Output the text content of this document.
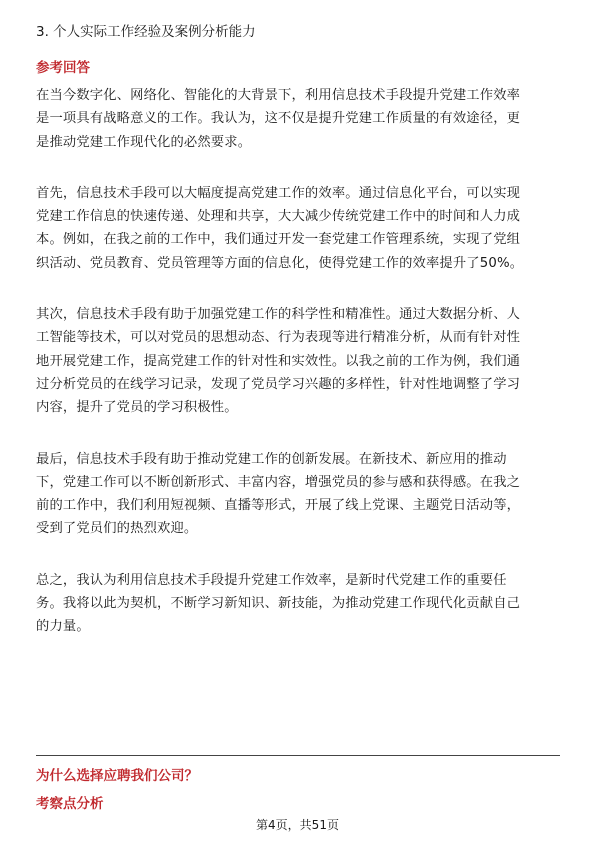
3. 个人实际工作经验及案例分析能力
参考回答

在当今数字化、网络化、智能化的大背景下，利用信息技术手段提升党建工作效率
是一项具有战略意义的工作。我认为，这不仅是提升党建工作质量的有效途径，更
是推动党建工作现代化的必然要求。

首先，信息技术手段可以大幅度提高党建工作的效率。通过信息化平台，可以实现
党建工作信息的快速传递、处理和共享，大大减少传统党建工作中的时间和人力成
本。例如，在我之前的工作中，我们通过开发一套党建工作管理系统，实现了党组
织活动、党员教育、党员管理等方面的信息化，使得党建工作的效率提升了50%。

其次，信息技术手段有助于加强党建工作的科学性和精准性。通过大数据分析、人
工智能等技术，可以对党员的思想动态、行为表现等进行精准分析，从而有针对性
地开展党建工作，提高党建工作的针对性和实效性。以我之前的工作为例，我们通
过分析党员的在线学习记录，发现了党员学习兴趣的多样性，针对性地调整了学习
内容，提升了党员的学习积极性。

最后，信息技术手段有助于推动党建工作的创新发展。在新技术、新应用的推动
下，党建工作可以不断创新形式、丰富内容，增强党员的参与感和获得感。在我之
前的工作中，我们利用短视频、直播等形式，开展了线上党课、主题党日活动等，
受到了党员们的热烈欢迎。

总之，我认为利用信息技术手段提升党建工作效率，是新时代党建工作的重要任
务。我将以此为契机，不断学习新知识、新技能，为推动党建工作现代化贡献自己
的力量。

为什么选择应聘我们公司？
考察点分析
第4页，共51页
